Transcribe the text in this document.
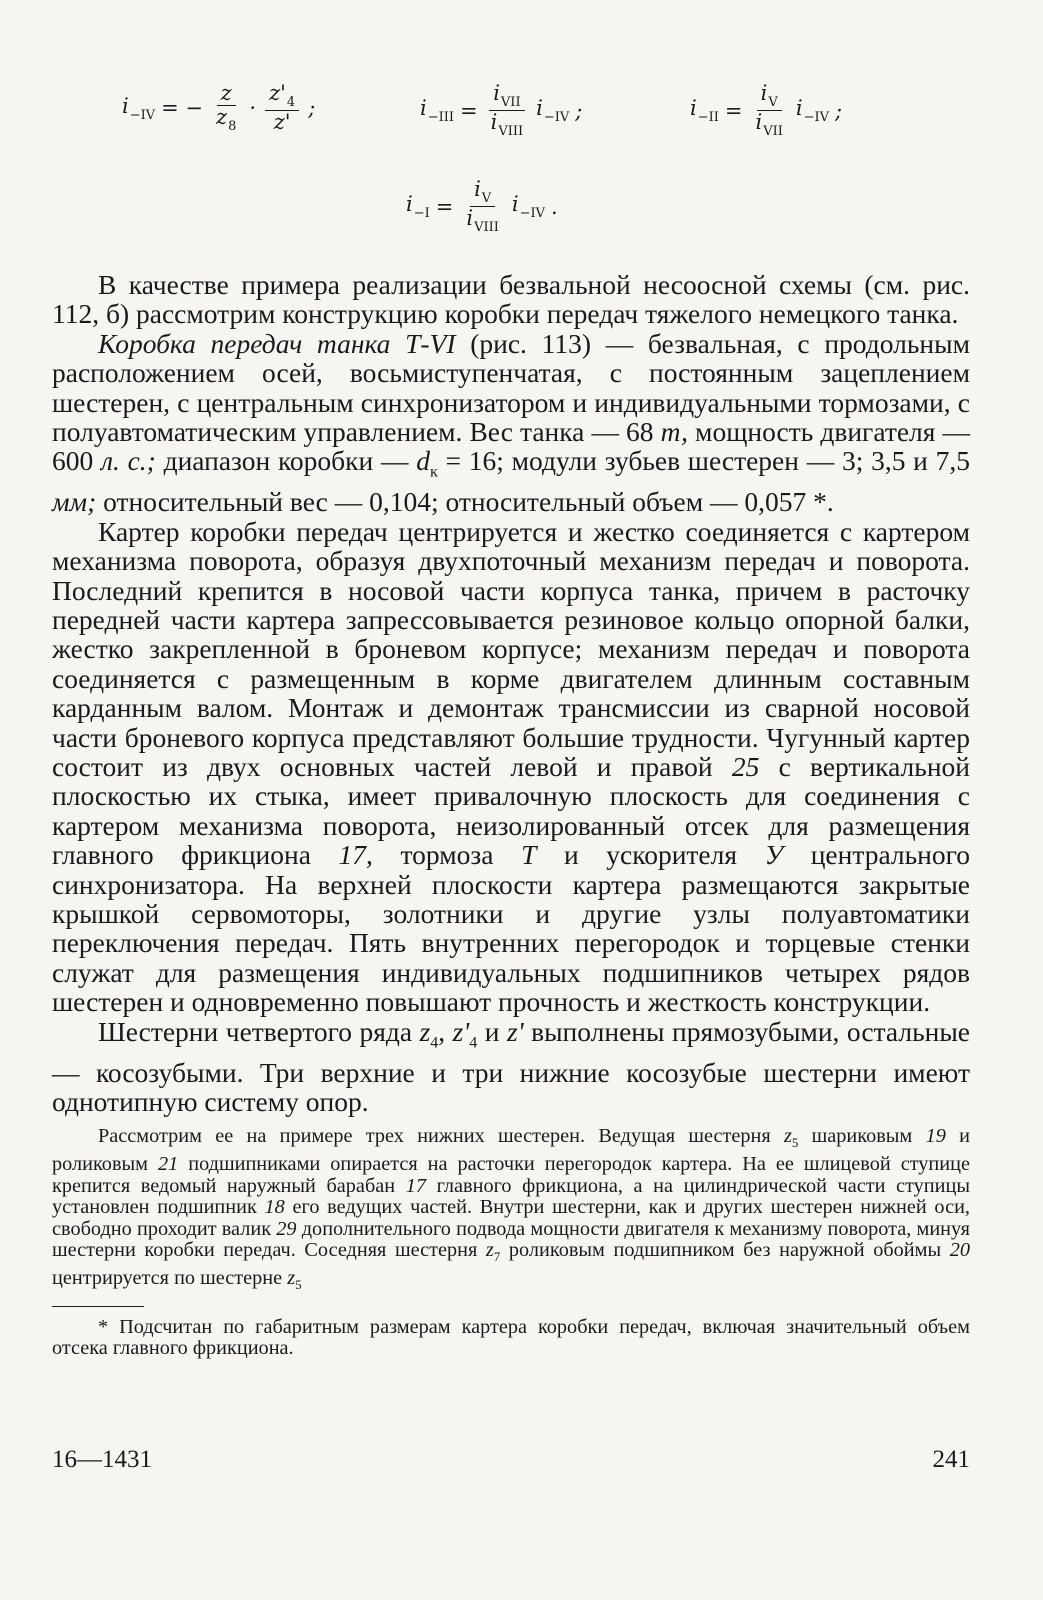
$i_{-IV}$ = − $\frac{z}{z_8} \cdot \frac{z'_4}{z'}$ ;	$i_{-III} = \frac{i_{VII}}{i_{VIII}} i_{-IV}$ ;	$i_{-II} = \frac{i_V}{i_{VII}} i_{-IV}$ ;
$i_{-I} = \frac{i_V}{i_{VIII}} i_{-IV}$ .

В качестве примера реализации безвальной несоосной схемы (см. рис. 112, б) рассмотрим конструкцию коробки передач тяжелого немецкого танка.

Коробка передач танка Т-VI (рис. 113) — безвальная, с продольным расположением осей, восьмиступенчатая, с постоянным зацеплением шестерен, с центральным синхронизатором и индивидуальными тормозами, с полуавтоматическим управлением. Вес танка — 68 т, мощность двигателя — 600 л. с.; диапазон коробки — $d_к = 16$; модули зубьев шестерен — 3; 3,5 и 7,5 мм; относительный вес — 0,104; относительный объем — 0,057 *.

Картер коробки передач центрируется и жестко соединяется с картером механизма поворота, образуя двухпоточный механизм передач и поворота. Последний крепится в носовой части корпуса танка, причем в расточку передней части картера запрессовывается резиновое кольцо опорной балки, жестко закрепленной в броневом корпусе; механизм передач и поворота соединяется с размещенным в корме двигателем длинным составным карданным валом. Монтаж и демонтаж трансмиссии из сварной носовой части броневого корпуса представляют большие трудности. Чугунный картер состоит из двух основных частей левой и правой 25 с вертикальной плоскостью их стыка, имеет привалочную плоскость для соединения с картером механизма поворота, неизолированный отсек для размещения главного фрикциона 17, тормоза Т и ускорителя У центрального синхронизатора. На верхней плоскости картера размещаются закрытые крышкой сервомоторы, золотники и другие узлы полуавтоматики переключения передач. Пять внутренних перегородок и торцевые стенки служат для размещения индивидуальных подшипников четырех рядов шестерен и одновременно повышают прочность и жесткость конструкции.

Шестерни четвертого ряда $z_4$, $z'_4$ и z' выполнены прямозубыми, остальные — косозубыми. Три верхние и три нижние косозубые шестерни имеют однотипную систему опор.

Рассмотрим ее на примере трех нижних шестерен. Ведущая шестерня $z_5$ шариковым 19 и роликовым 21 подшипниками опирается на расточки перегородок картера. На ее шлицевой ступице крепится ведомый наружный барабан 17 главного фрикциона, а на цилиндрической части ступицы установлен подшипник 18 его ведущих частей. Внутри шестерни, как и других шестерен нижней оси, свободно проходит валик 29 дополнительного подвода мощности двигателя к механизму поворота, минуя шестерни коробки передач. Соседняя шестерня $z_7$ роликовым подшипником без наружной обоймы 20 центрируется по шестерне $z_5$

* Подсчитан по габаритным размерам картера коробки передач, включая значительный объем отсека главного фрикциона.

16—1431	241
